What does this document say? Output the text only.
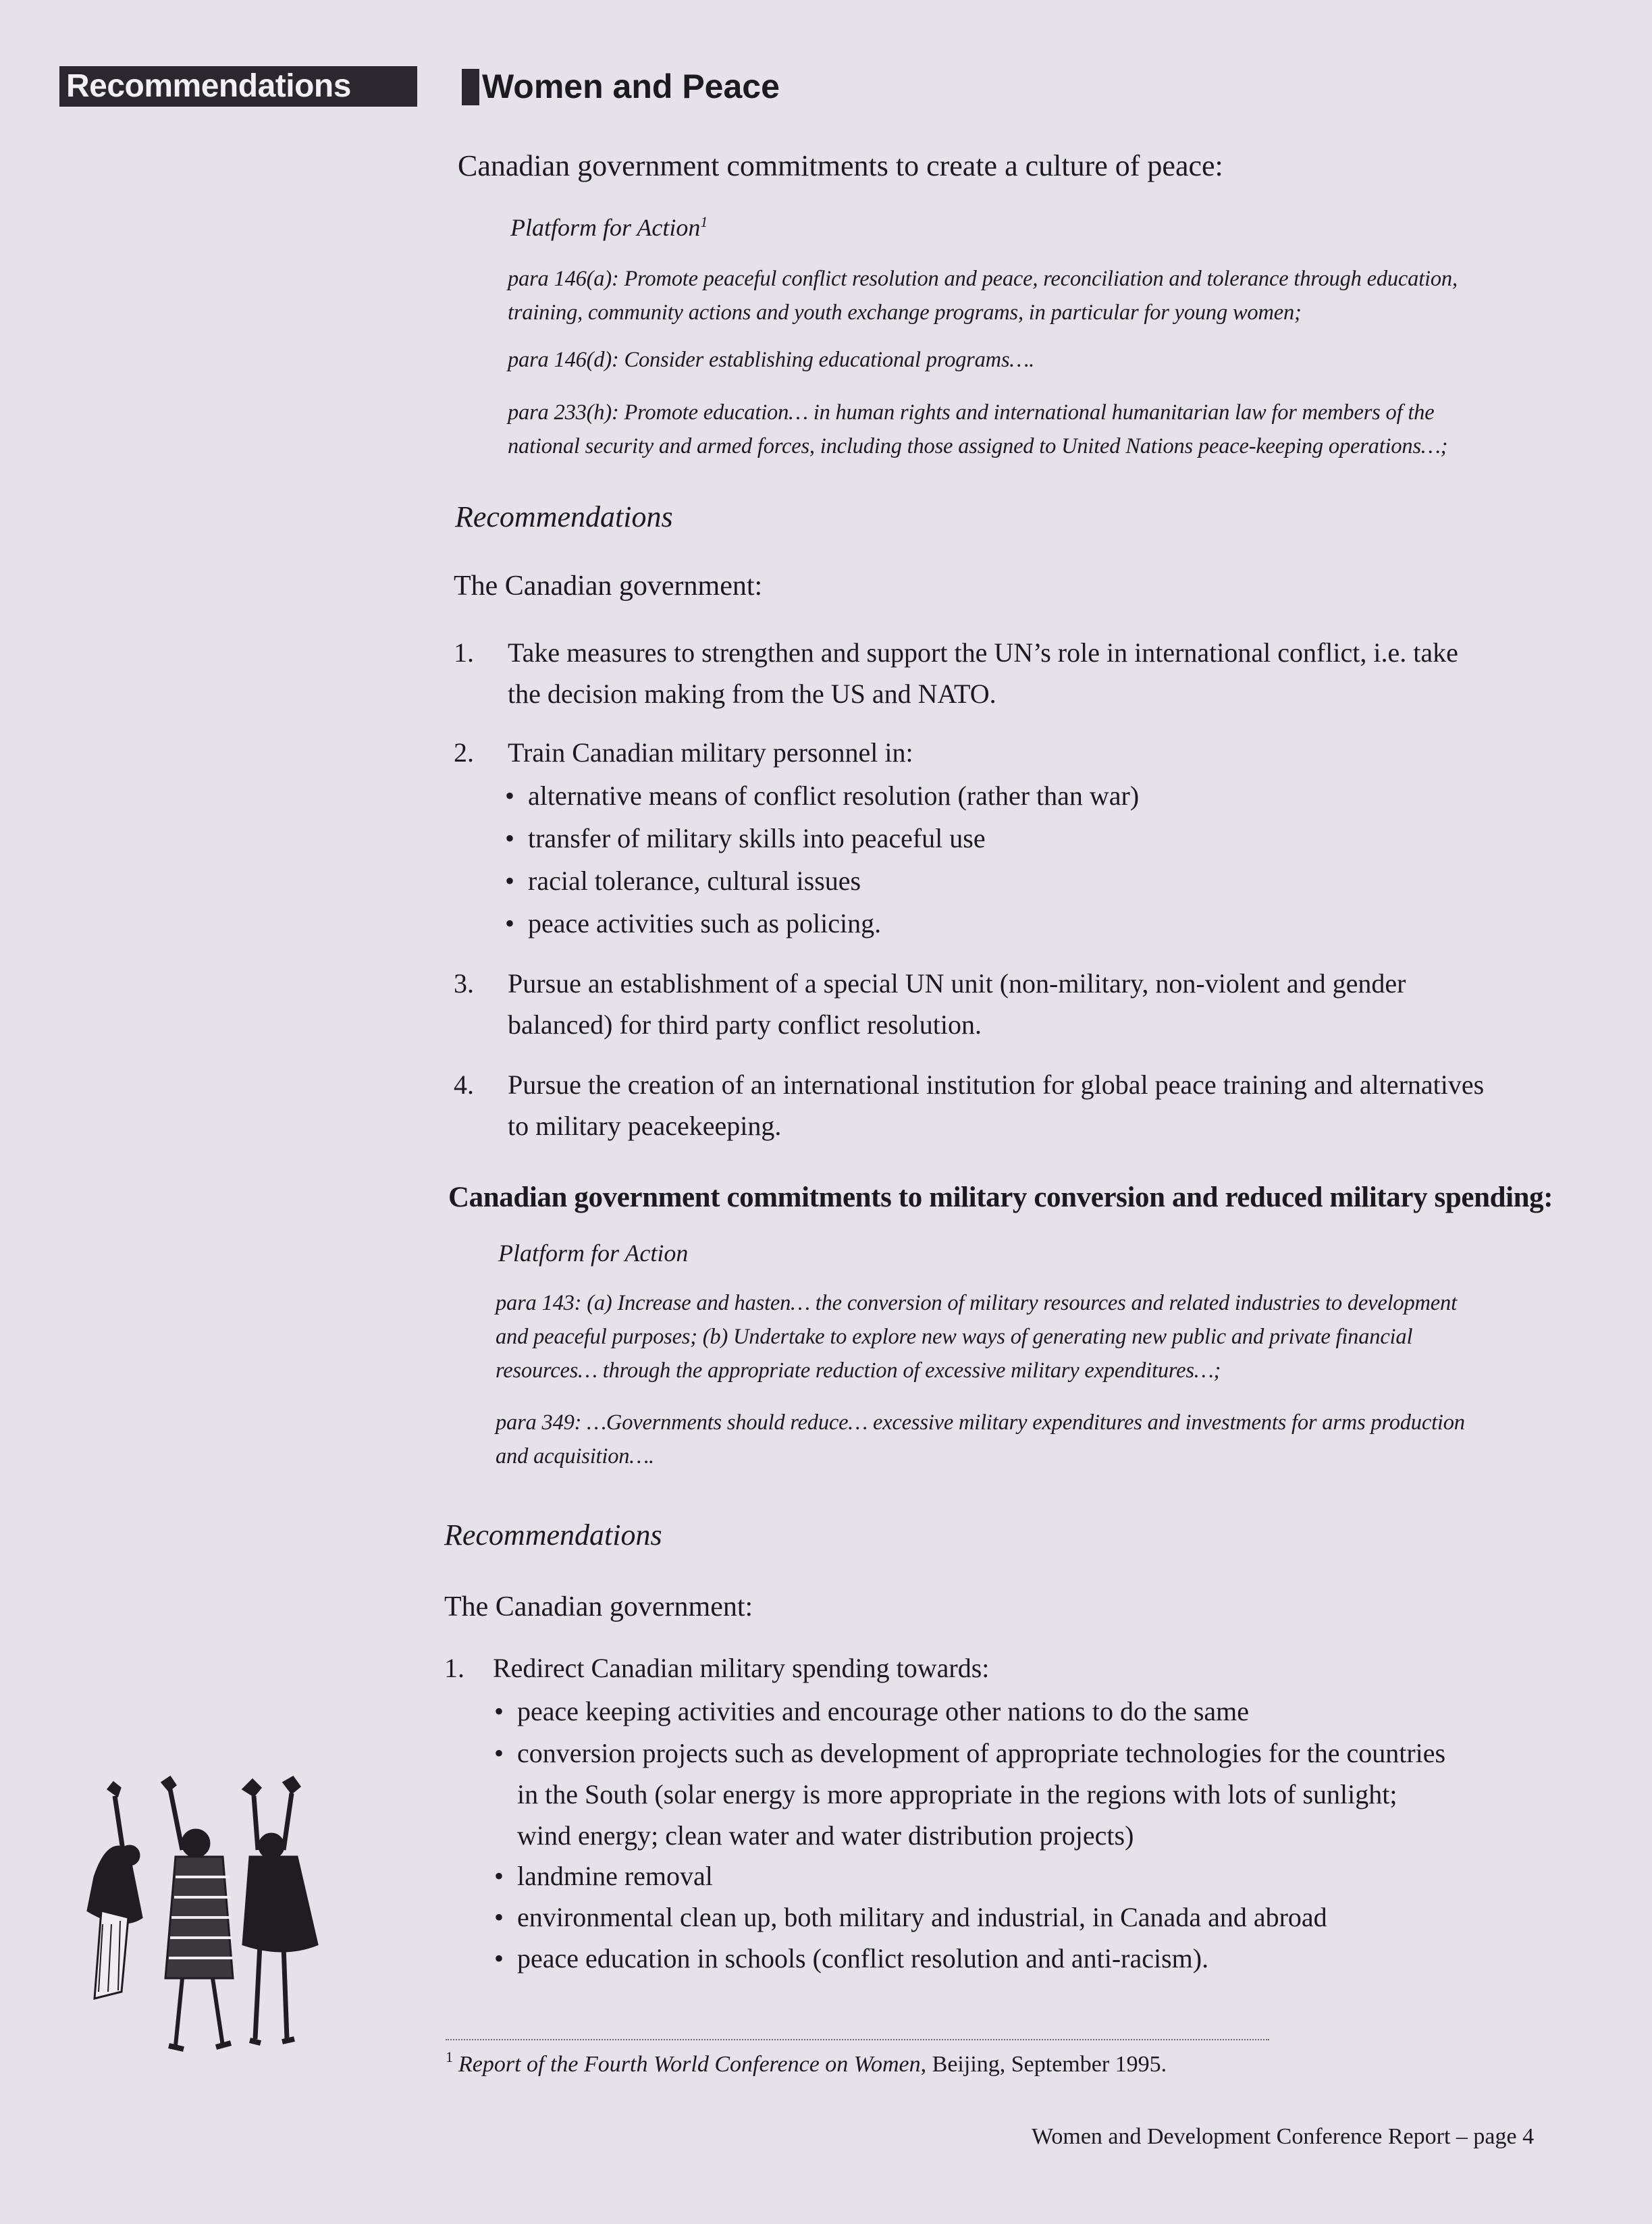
Recommendations	Women and Peace
Canadian government commitments to create a culture of peace:
Platform for Action$^1$
para 146(a): Promote peaceful conflict resolution and peace, reconciliation and tolerance through education,
training, community actions and youth exchange programs, in particular for young women;
para 146(d): Consider establishing educational programs….
para 233(h): Promote education… in human rights and international humanitarian law for members of the
national security and armed forces, including those assigned to United Nations peace-keeping operations…;
Recommendations
The Canadian government:
1. Take measures to strengthen and support the UN’s role in international conflict, i.e. take
the decision making from the US and NATO.
2. Train Canadian military personnel in:
• alternative means of conflict resolution (rather than war)
• transfer of military skills into peaceful use
• racial tolerance, cultural issues
• peace activities such as policing.
3. Pursue an establishment of a special UN unit (non-military, non-violent and gender
balanced) for third party conflict resolution.
4. Pursue the creation of an international institution for global peace training and alternatives
to military peacekeeping.
Canadian government commitments to military conversion and reduced military spending:
Platform for Action
para 143: (a) Increase and hasten… the conversion of military resources and related industries to development
and peaceful purposes; (b) Undertake to explore new ways of generating new public and private financial
resources… through the appropriate reduction of excessive military expenditures…;
para 349: …Governments should reduce… excessive military expenditures and investments for arms production
and acquisition….
Recommendations
The Canadian government:
1. Redirect Canadian military spending towards:
• peace keeping activities and encourage other nations to do the same
• conversion projects such as development of appropriate technologies for the countries
in the South (solar energy is more appropriate in the regions with lots of sunlight;
wind energy; clean water and water distribution projects)
• landmine removal
• environmental clean up, both military and industrial, in Canada and abroad
• peace education in schools (conflict resolution and anti-racism).
$^1$ Report of the Fourth World Conference on Women, Beijing, September 1995.
Women and Development Conference Report – page 4
